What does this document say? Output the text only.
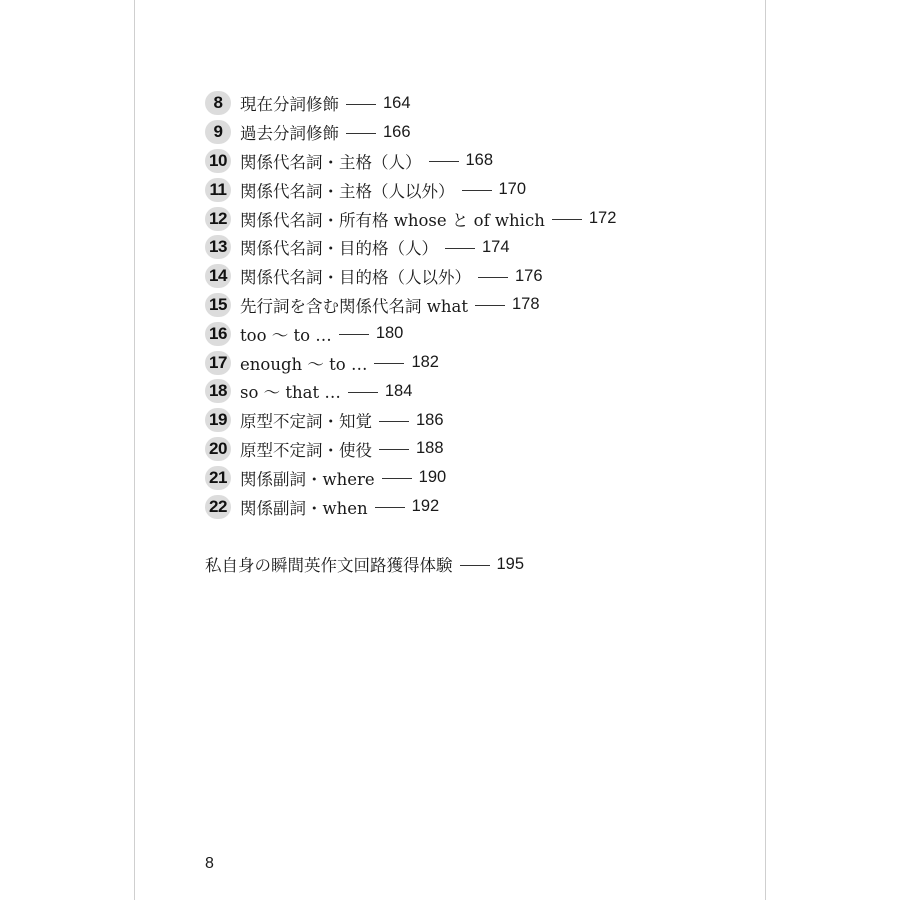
8	現在分詞修飾	164
9	過去分詞修飾	166
10 関係代名詞・主格（人）	168
11 関係代名詞・主格（人以外）	170
12 関係代名詞・所有格 whose と of which	172
13 関係代名詞・目的格（人）	174
14 関係代名詞・目的格（人以外）	176
15 先行詞を含む関係代名詞 what	178
16 too ～ to …	180
17 enough ～ to …	182
18 so ～ that …	184
19 原型不定詞・知覚	186
20 原型不定詞・使役	188
21 関係副詞・where	190
22 関係副詞・when	192
私自身の瞬間英作文回路獲得体験	195
8
